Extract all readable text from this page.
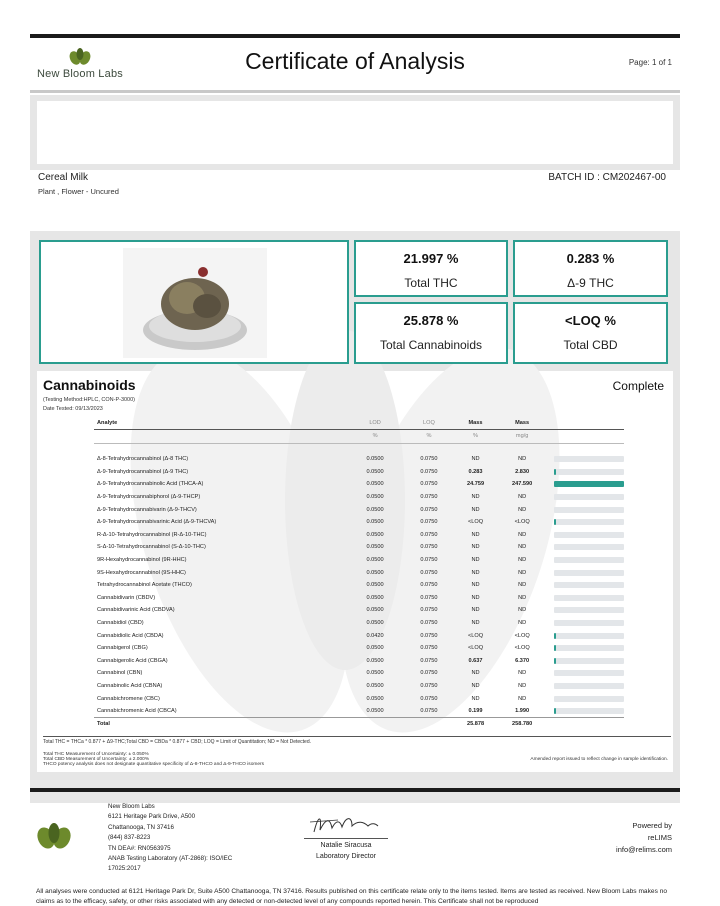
New Bloom Labs	Certificate of Analysis	Page: 1 of 1
Cereal Milk
Plant , Flower - Uncured
BATCH ID : CM202467-00
21.997 %
Total THC
0.283 %
Δ-9 THC
25.878 %
Total Cannabinoids
<LOQ %
Total CBD
Cannabinoids	Complete
(Testing Method:HPLC, CON-P-3000)
Date Tested: 09/13/2023
Analyte	LOD	LOQ	Mass	Mass	
	%	%	%	mg/g	

Δ-8-Tetrahydrocannabinol (Δ-8 THC)	0.0500	0.0750	ND	ND	

Δ-9-Tetrahydrocannabinol (Δ-9 THC)	0.0500	0.0750	0.283	2.830	

Δ-9-Tetrahydrocannabinolic Acid (THCA-A)	0.0500	0.0750	24.759	247.590	

Δ-9-Tetrahydrocannabiphorol (Δ-9-THCP)	0.0500	0.0750	ND	ND	

Δ-9-Tetrahydrocannabivarin (Δ-9-THCV)	0.0500	0.0750	ND	ND	

Δ-9-Tetrahydrocannabivarinic Acid (Δ-9-THCVA)	0.0500	0.0750	<LOQ	<LOQ	

R-Δ-10-Tetrahydrocannabinol (R-Δ-10-THC)	0.0500	0.0750	ND	ND	

S-Δ-10-Tetrahydrocannabinol (S-Δ-10-THC)	0.0500	0.0750	ND	ND	

9R-Hexahydrocannabinol (9R-HHC)	0.0500	0.0750	ND	ND	

9S-Hexahydrocannabinol (9S-HHC)	0.0500	0.0750	ND	ND	

Tetrahydrocannabinol Acetate (THCO)	0.0500	0.0750	ND	ND	

Cannabidivarin (CBDV)	0.0500	0.0750	ND	ND	

Cannabidivarinic Acid (CBDVA)	0.0500	0.0750	ND	ND	

Cannabidiol (CBD)	0.0500	0.0750	ND	ND	

Cannabidiolic Acid (CBDA)	0.0420	0.0750	<LOQ	<LOQ	

Cannabigerol (CBG)	0.0500	0.0750	<LOQ	<LOQ	

Cannabigerolic Acid (CBGA)	0.0500	0.0750	0.637	6.370	

Cannabinol (CBN)	0.0500	0.0750	ND	ND	

Cannabinolic Acid (CBNA)	0.0500	0.0750	ND	ND	

Cannabichromene (CBC)	0.0500	0.0750	ND	ND	

Cannabichromenic Acid (CBCA)	0.0500	0.0750	0.199	1.990	

Total			25.878	258.780	
Total THC = THCa * 0.877 + Δ9-THC;Total CBD = CBDa * 0.877 + CBD; LOQ = Limit of Quantitation; ND = Not Detected.
Total THC Measurement of Uncertainty: ± 0.050%
Total CBD Measurement of Uncertainty: ± 2.000%
THCO potency analysis does not designate quantitative specificity of Δ-8-THCO and Δ-9-THCO isomers
Amended report issued to reflect change in sample identification.
New Bloom Labs
6121 Heritage Park Drive, A500
Chattanooga, TN 37416
(844) 837-8223
TN DEA#: RN0563975
ANAB Testing Laboratory (AT-2868): ISO/IEC
17025:2017
Natalie Siracusa
Laboratory Director
Powered by
reLIMS
info@relims.com
All analyses were conducted at 6121 Heritage Park Dr, Suite A500 Chattanooga, TN 37416. Results published on this certificate relate only to the items tested. Items are tested as received. New Bloom Labs makes no claims as to the efficacy, safety, or other risks associated with any detected or non-detected level of any compounds reported herein. This Certificate shall not be reproduced
